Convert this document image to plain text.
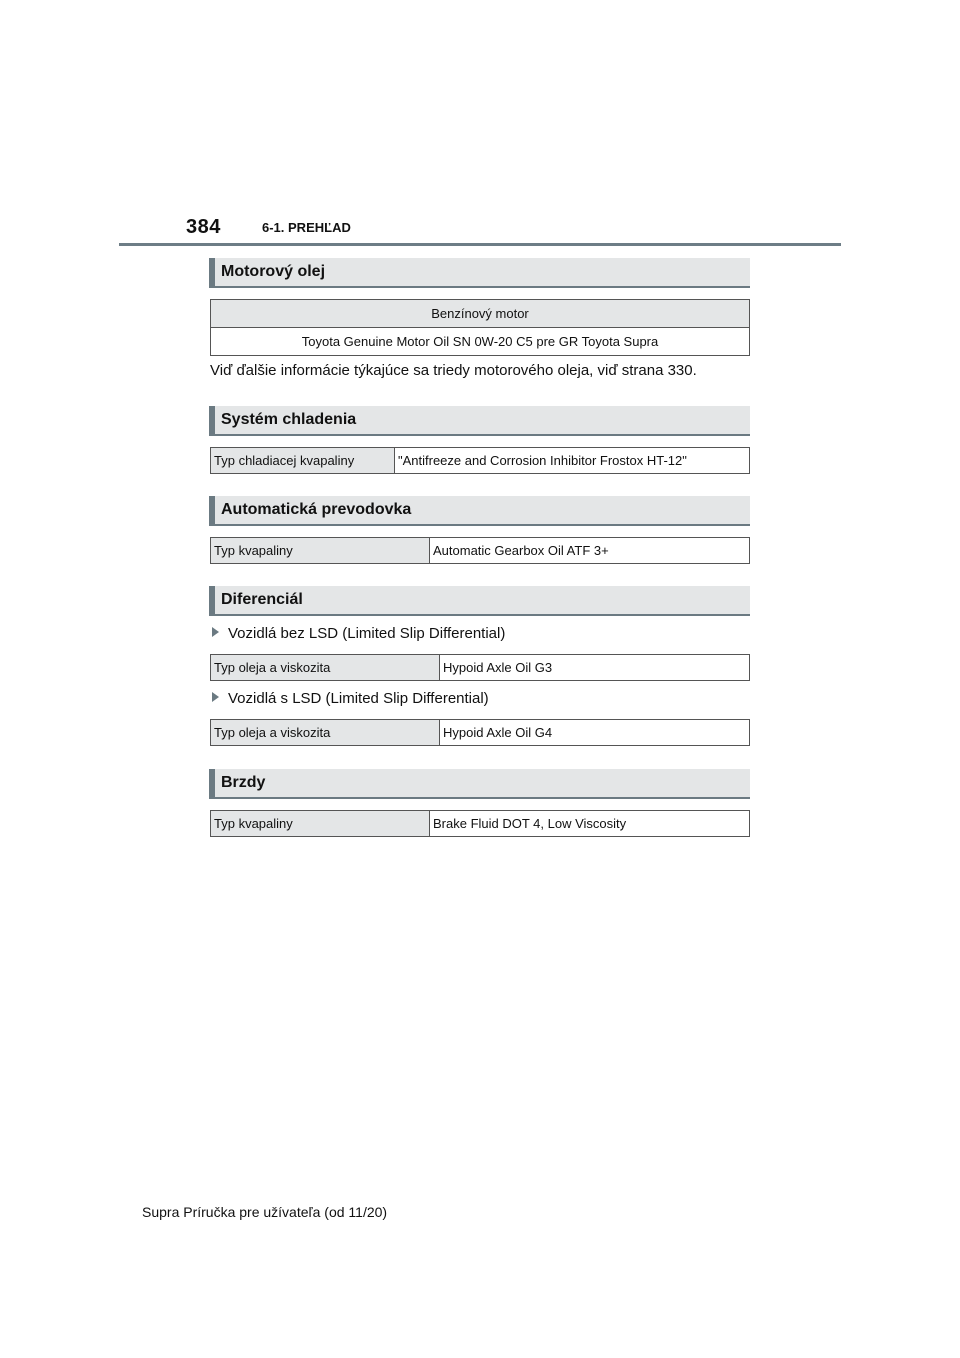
384	6-1. PREHĽAD
Motorový olej
Benzínový motor
Toyota Genuine Motor Oil SN 0W-20 C5 pre GR Toyota Supra
Viď ďalšie informácie týkajúce sa triedy motorového oleja, viď strana 330.
Systém chladenia
Typ chladiacej kvapaliny	"Antifreeze and Corrosion Inhibitor Frostox HT-12"
Automatická prevodovka
Typ kvapaliny	Automatic Gearbox Oil ATF 3+
Diferenciál
Vozidlá bez LSD (Limited Slip Differential)
Typ oleja a viskozita	Hypoid Axle Oil G3
Vozidlá s LSD (Limited Slip Differential)
Typ oleja a viskozita	Hypoid Axle Oil G4
Brzdy
Typ kvapaliny	Brake Fluid DOT 4, Low Viscosity
Supra Príručka pre užívateľa (od 11/20)
